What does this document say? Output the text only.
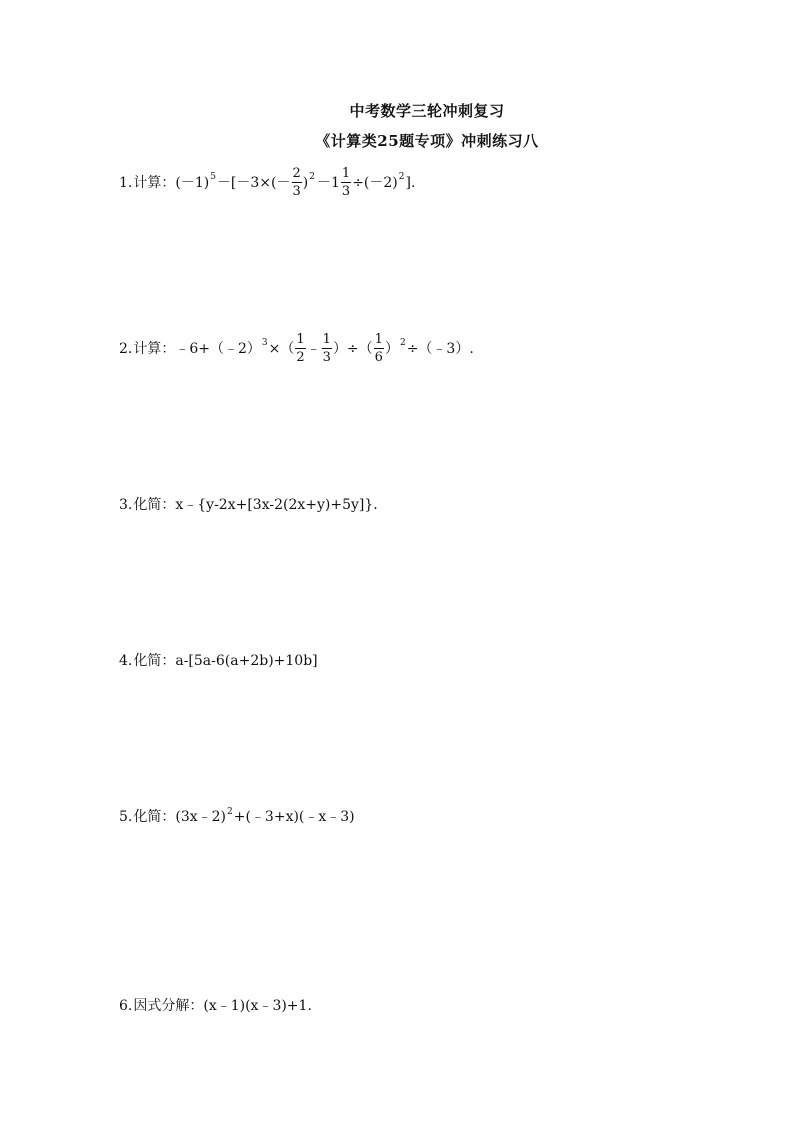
中考数学三轮冲刺复习
《计算类25题专项》冲刺练习八
1. 计算： (－1) $5 -[-3\times(- \frac{2}{3}$ ) $2 -1 \frac{1}{3} \div(-2)$ 2 ].
2. 计算： ﹣6+（﹣2） 3 ×（ $\frac{1}{2}$ ﹣ $\frac{1}{3}$ ）÷（ $\frac{1}{6}$ ） 2 ÷（﹣3）.
3. 化简： x﹣{y-2x+[3x-2(2x+y)+5y]}.
4. 化简： a-[5a-6(a+2b)+10b]
5. 化简： (3x﹣2) 2 +(﹣3+x)(﹣x﹣3)
6. 因式分解： (x﹣1)(x﹣3)+1.
